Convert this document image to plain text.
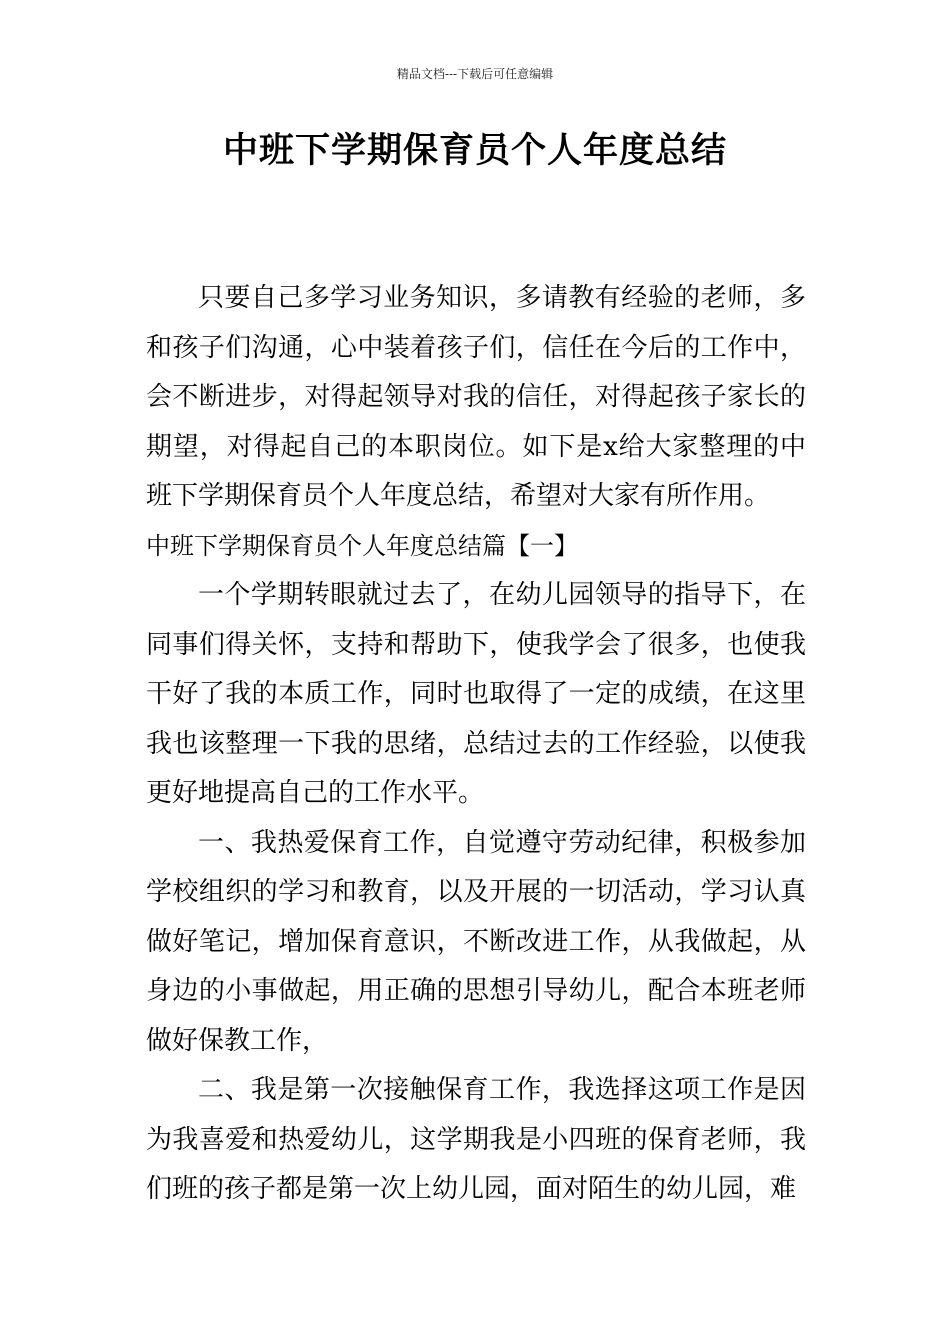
精品文档---下载后可任意编辑
中班下学期保育员个人年度总结

只要自己多学习业务知识，多请教有经验的老师，多和孩子们沟通，心中装着孩子们，信任在今后的工作中，会不断进步，对得起领导对我的信任，对得起孩子家长的期望，对得起自己的本职岗位。如下是x给大家整理的中班下学期保育员个人年度总结，希望对大家有所作用。

中班下学期保育员个人年度总结篇【一】

一个学期转眼就过去了，在幼儿园领导的指导下，在同事们得关怀，支持和帮助下，使我学会了很多，也使我干好了我的本质工作，同时也取得了一定的成绩，在这里我也该整理一下我的思绪，总结过去的工作经验，以使我更好地提高自己的工作水平。

一、我热爱保育工作，自觉遵守劳动纪律，积极参加学校组织的学习和教育，以及开展的一切活动，学习认真做好笔记，增加保育意识，不断改进工作，从我做起，从身边的小事做起，用正确的思想引导幼儿，配合本班老师做好保教工作，

二、我是第一次接触保育工作，我选择这项工作是因为我喜爱和热爱幼儿，这学期我是小四班的保育老师，我们班的孩子都是第一次上幼儿园，面对陌生的幼儿园，难
